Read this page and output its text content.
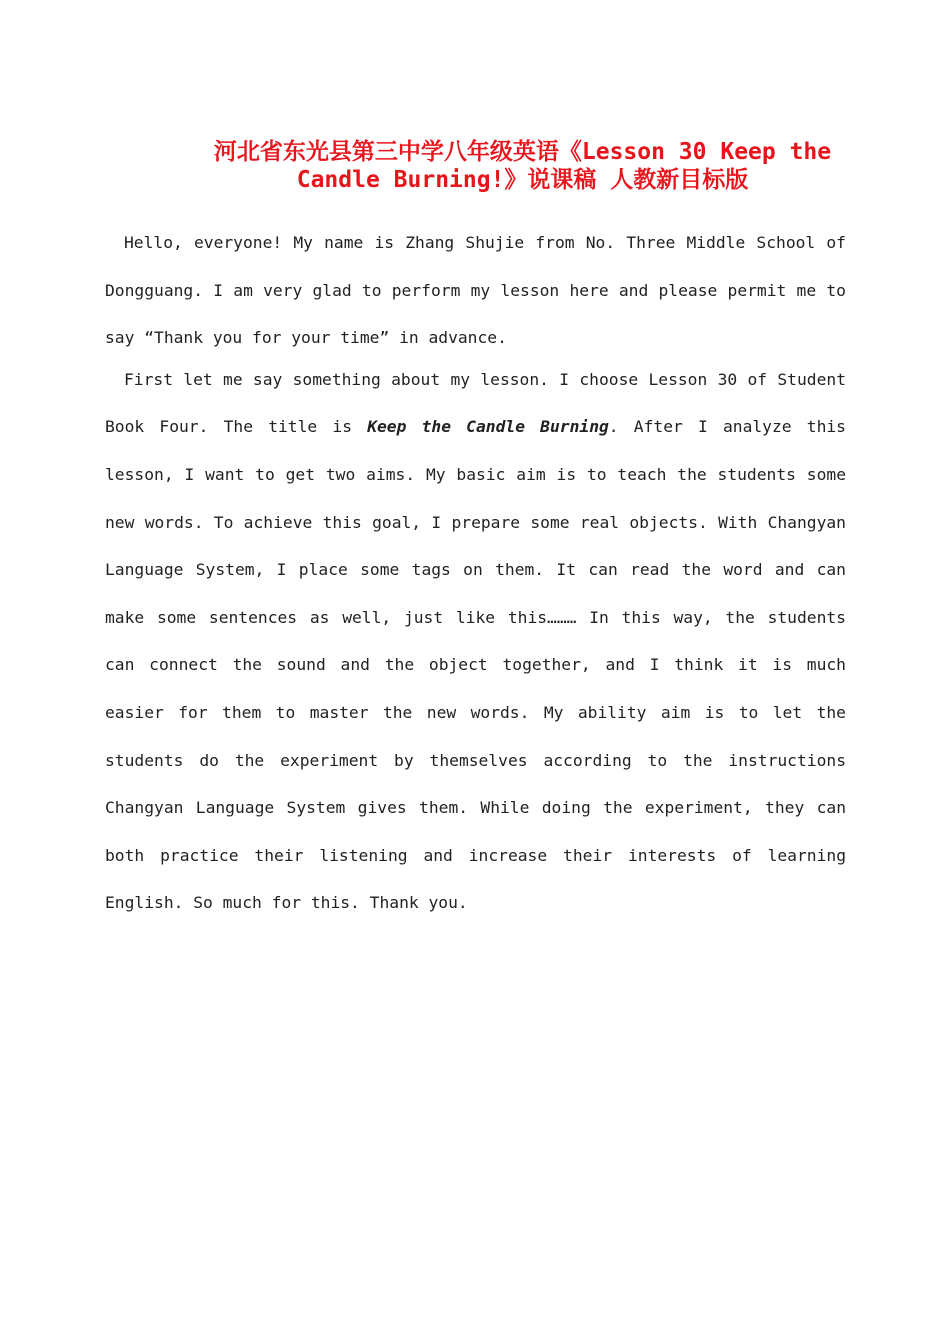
河北省东光县第三中学八年级英语《Lesson 30 Keep the
Candle Burning!》说课稿 人教新目标版

Hello, everyone! My name is Zhang Shujie from No. Three Middle School of Dongguang. I am very glad to perform my lesson here and please permit me to say “Thank you for your time” in advance.

First let me say something about my lesson. I choose Lesson 30 of Student Book Four. The title is Keep the Candle Burning. After I analyze this lesson, I want to get two aims. My basic aim is to teach the students some new words. To achieve this goal, I prepare some real objects. With Changyan Language System, I place some tags on them. It can read the word and can make some sentences as well, just like this……… In this way, the students can connect the sound and the object together, and I think it is much easier for them to master the new words. My ability aim is to let the students do the experiment by themselves according to the instructions Changyan Language System gives them. While doing the experiment, they can both practice their listening and increase their interests of learning English. So much for this. Thank you.
